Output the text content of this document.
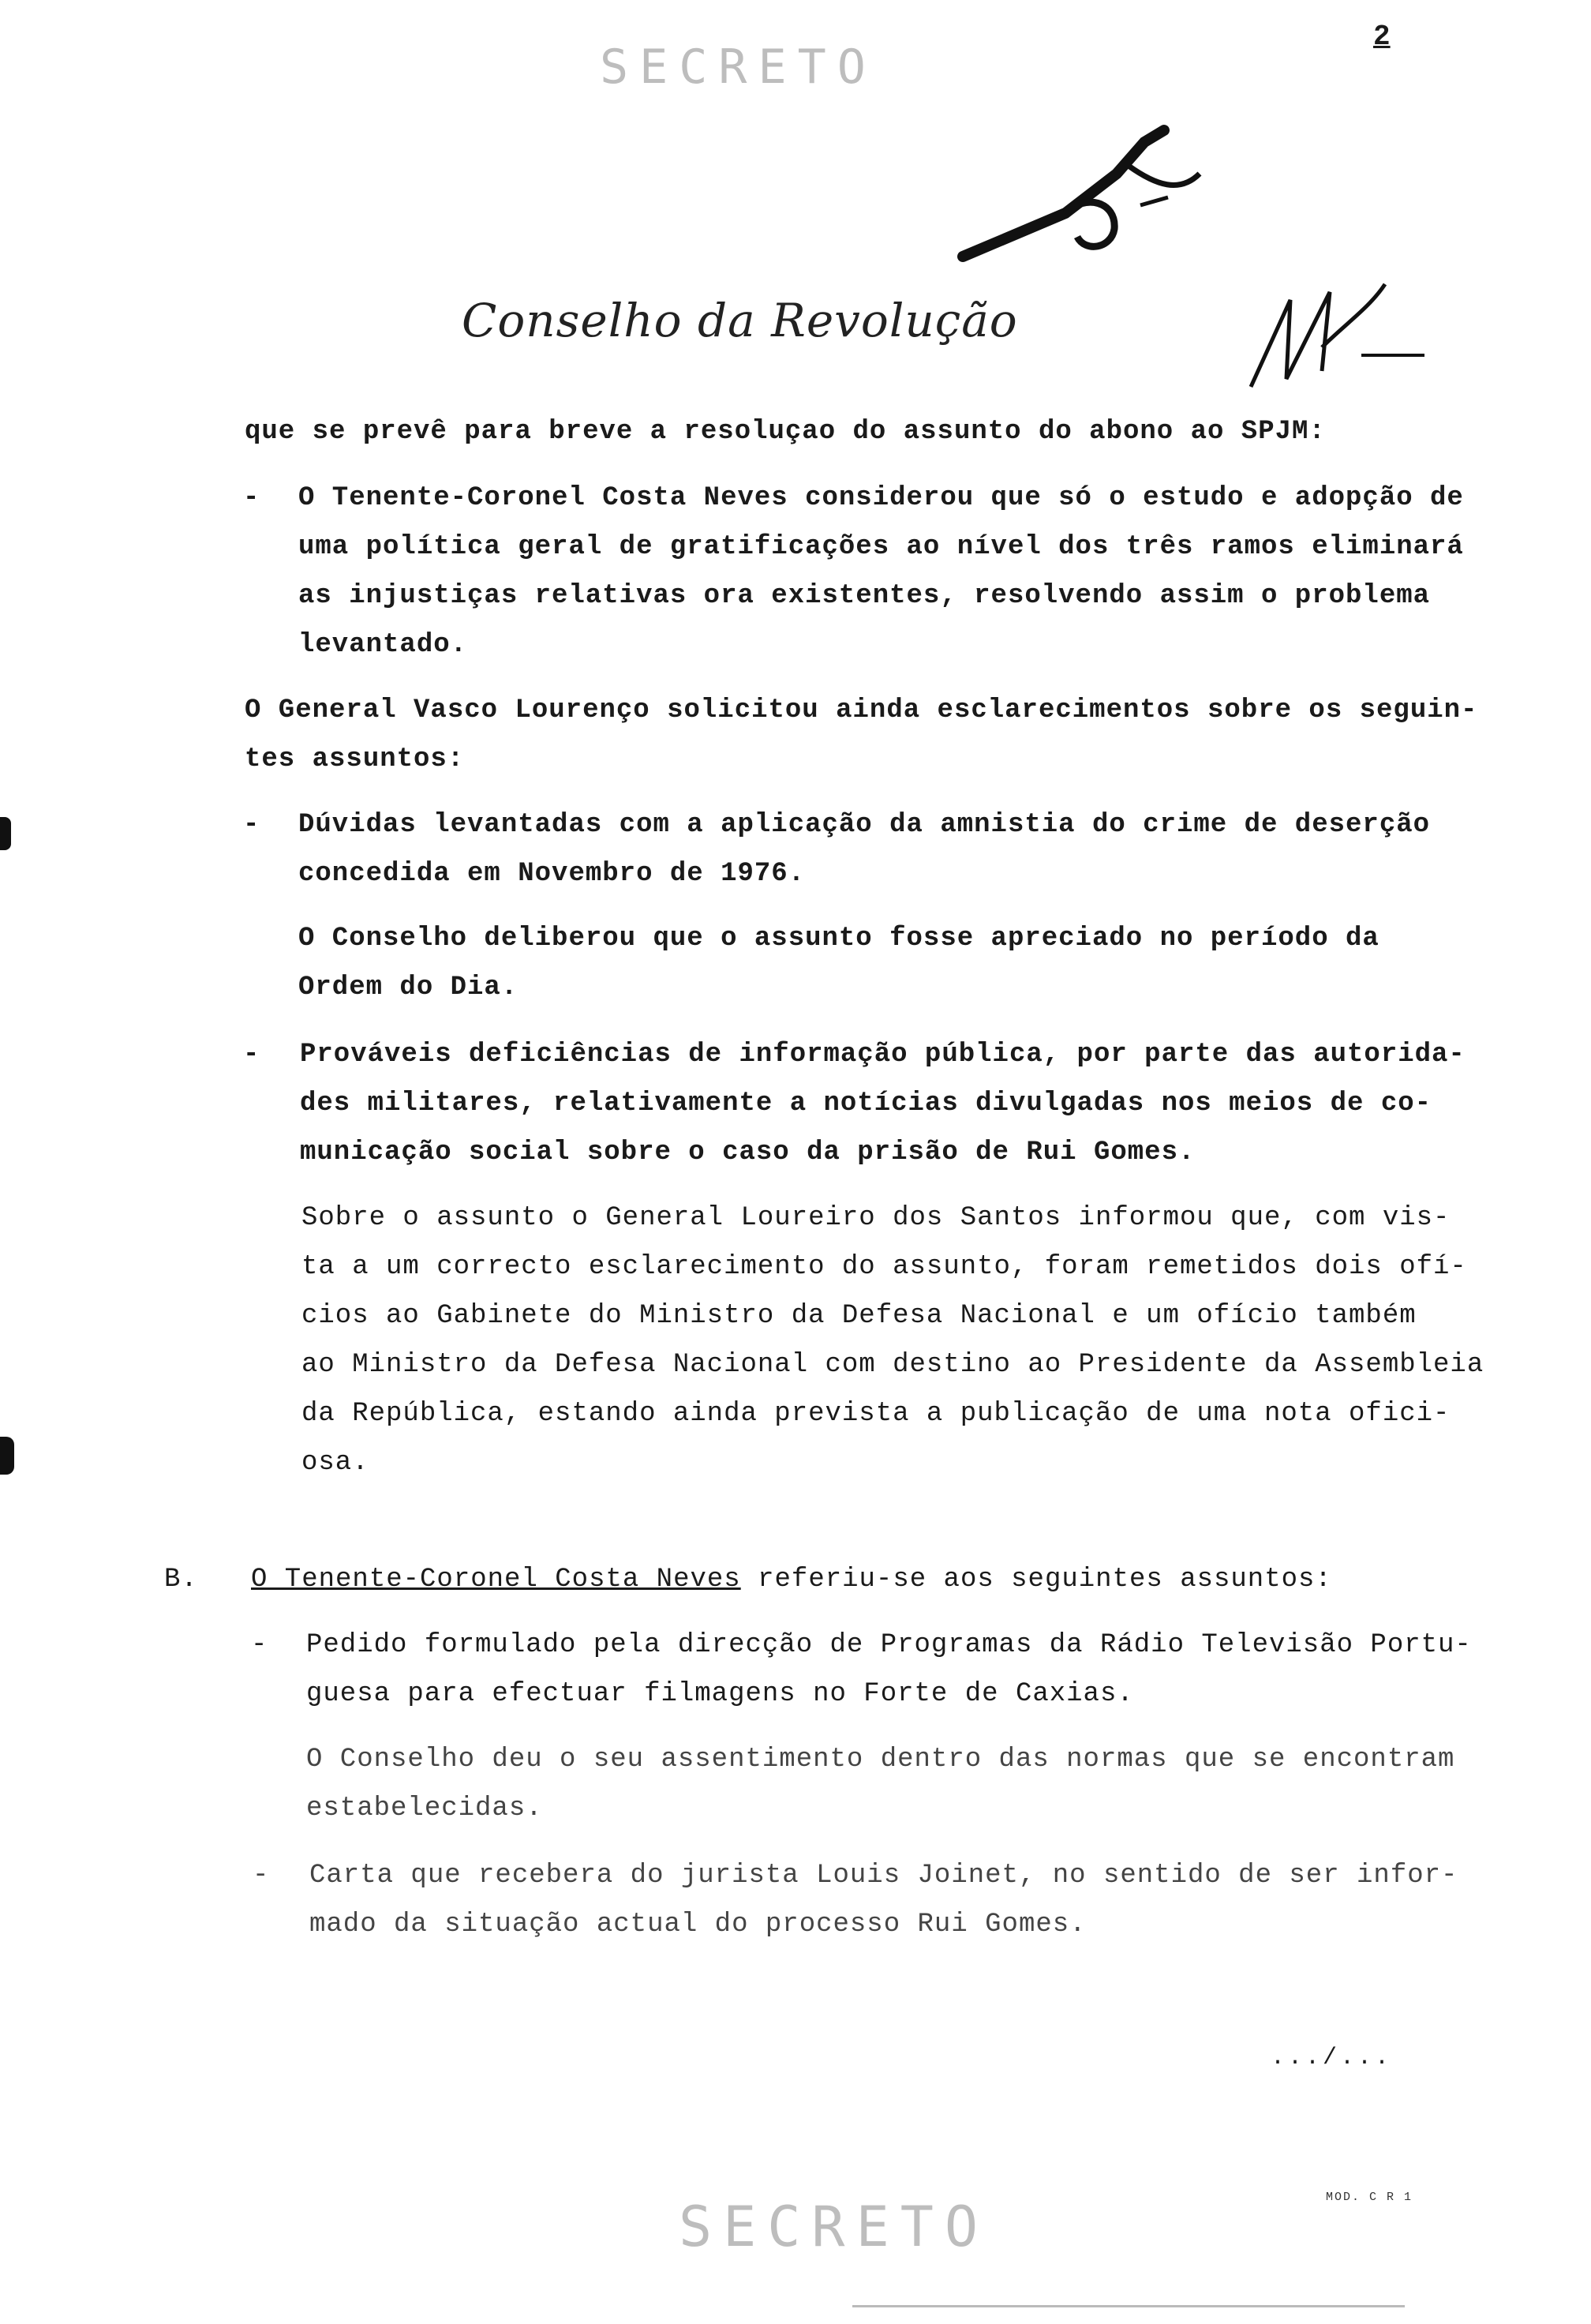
2
SECRETO
Conselho da Revolução
que se prevê para breve a resoluçao do assunto do abono ao SPJM:
-	O Tenente-Coronel Costa Neves considerou que só o estudo e adopção de
uma política geral de gratificações ao nível dos três ramos eliminará
as injustiças relativas ora existentes, resolvendo assim o problema
levantado.
O General Vasco Lourenço solicitou ainda esclarecimentos sobre os seguin-
tes assuntos:
-	Dúvidas levantadas com a aplicação da amnistia do crime de deserção
concedida em Novembro de 1976.
O Conselho deliberou que o assunto fosse apreciado no período da
Ordem do Dia.
-	Prováveis deficiências de informação pública, por parte das autorida-
des militares, relativamente a notícias divulgadas nos meios de co-
municação social sobre o caso da prisão de Rui Gomes.
Sobre o assunto o General Loureiro dos Santos informou que, com vis-
ta a um correcto esclarecimento do assunto, foram remetidos dois ofí-
cios ao Gabinete do Ministro da Defesa Nacional e um ofício também
ao Ministro da Defesa Nacional com destino ao Presidente da Assembleia
da República, estando ainda prevista a publicação de uma nota ofici-
osa.
B. O Tenente-Coronel Costa Neves referiu-se aos seguintes assuntos:
-	Pedido formulado pela direcção de Programas da Rádio Televisão Portu-
guesa para efectuar filmagens no Forte de Caxias.
O Conselho deu o seu assentimento dentro das normas que se encontram
estabelecidas.
-	Carta que recebera do jurista Louis Joinet, no sentido de ser infor-
mado da situação actual do processo Rui Gomes.
.../...
SECRETO	MOD. C R 1
